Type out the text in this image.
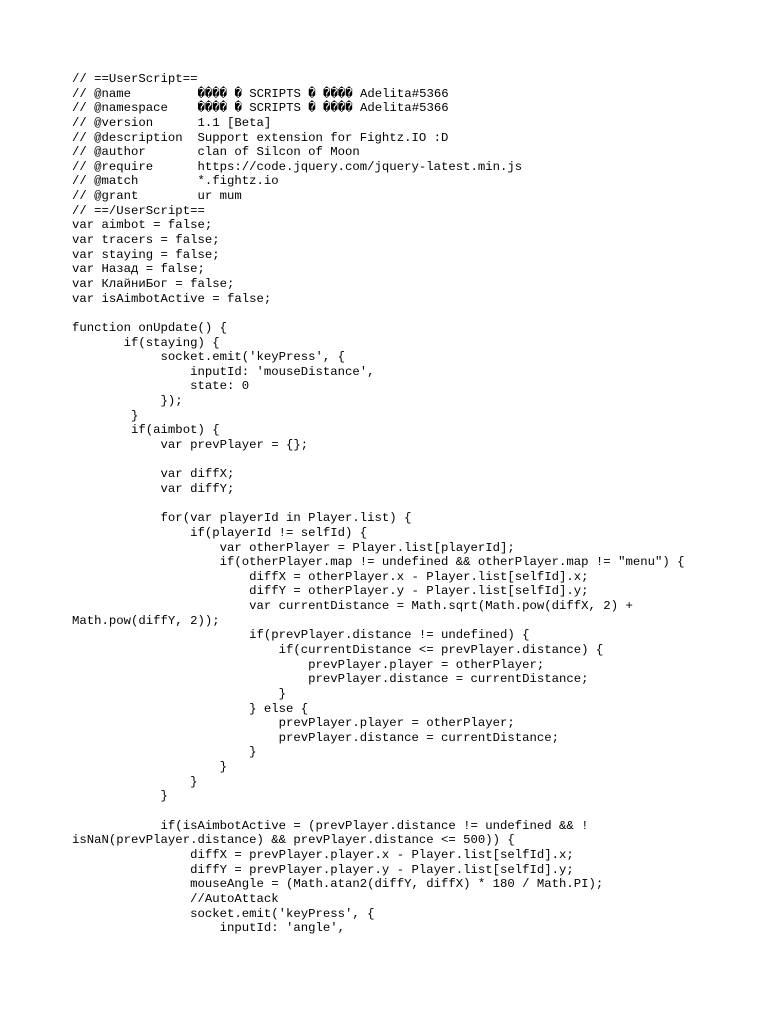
// ==UserScript==
// @name         ���� � SCRIPTS � ���� Adelita#5366
// @namespace    ���� � SCRIPTS � ���� Adelita#5366
// @version      1.1 [Beta]
// @description  Support extension for Fightz.IO :D
// @author       clan of Silcon of Moon
// @require      https://code.jquery.com/jquery-latest.min.js
// @match        *.fightz.io
// @grant        ur mum
// ==/UserScript==
var aimbot = false;
var tracers = false;
var staying = false;
var Назад = false;
var КлайниБог = false;
var isAimbotActive = false;
function onUpdate() {
if(staying) {
socket.emit('keyPress', {
inputId: 'mouseDistance',
state: 0
});
}
if(aimbot) {
var prevPlayer = {};
var diffX;
var diffY;
for(var playerId in Player.list) {
if(playerId != selfId) {
var otherPlayer = Player.list[playerId];
if(otherPlayer.map != undefined && otherPlayer.map != "menu") {
diffX = otherPlayer.x - Player.list[selfId].x;
diffY = otherPlayer.y - Player.list[selfId].y;
var currentDistance = Math.sqrt(Math.pow(diffX, 2) +
Math.pow(diffY, 2));
if(prevPlayer.distance != undefined) {
if(currentDistance <= prevPlayer.distance) {
prevPlayer.player = otherPlayer;
prevPlayer.distance = currentDistance;
}
} else {
prevPlayer.player = otherPlayer;
prevPlayer.distance = currentDistance;
}
}
}
}
if(isAimbotActive = (prevPlayer.distance != undefined && !
isNaN(prevPlayer.distance) && prevPlayer.distance <= 500)) {
diffX = prevPlayer.player.x - Player.list[selfId].x;
diffY = prevPlayer.player.y - Player.list[selfId].y;
mouseAngle = (Math.atan2(diffY, diffX) * 180 / Math.PI);
//AutoAttack
socket.emit('keyPress', {
inputId: 'angle',
